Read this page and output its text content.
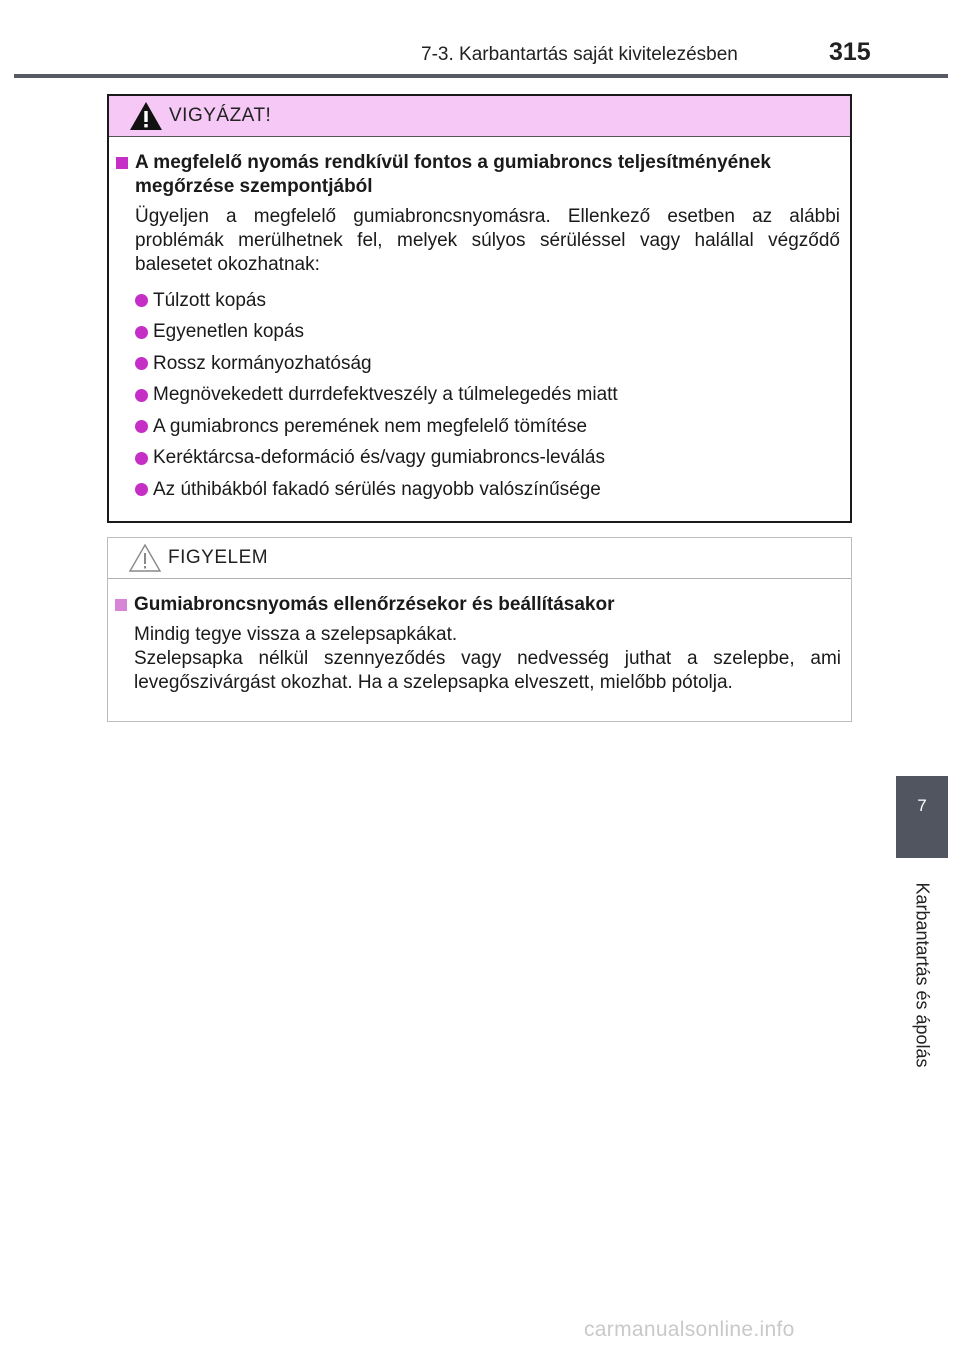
7-3. Karbantartás saját kivitelezésben	315
VIGYÁZAT!
A megfelelő nyomás rendkívül fontos a gumiabroncs teljesítményének megőrzése szempontjából
Ügyeljen a megfelelő gumiabroncsnyomásra. Ellenkező esetben az alábbi problémák merülhetnek fel, melyek súlyos sérüléssel vagy halállal végződő balesetet okozhatnak:
Túlzott kopás
Egyenetlen kopás
Rossz kormányozhatóság
Megnövekedett durrdefektveszély a túlmelegedés miatt
A gumiabroncs peremének nem megfelelő tömítése
Keréktárcsa-deformáció és/vagy gumiabroncs-leválás
Az úthibákból fakadó sérülés nagyobb valószínűsége
FIGYELEM
Gumiabroncsnyomás ellenőrzésekor és beállításakor
Mindig tegye vissza a szelepsapkákat.
Szelepsapka nélkül szennyeződés vagy nedvesség juthat a szelepbe, ami levegőszivárgást okozhat. Ha a szelepsapka elveszett, mielőbb pótolja.
7
Karbantartás és ápolás
carmanualsonline.info
